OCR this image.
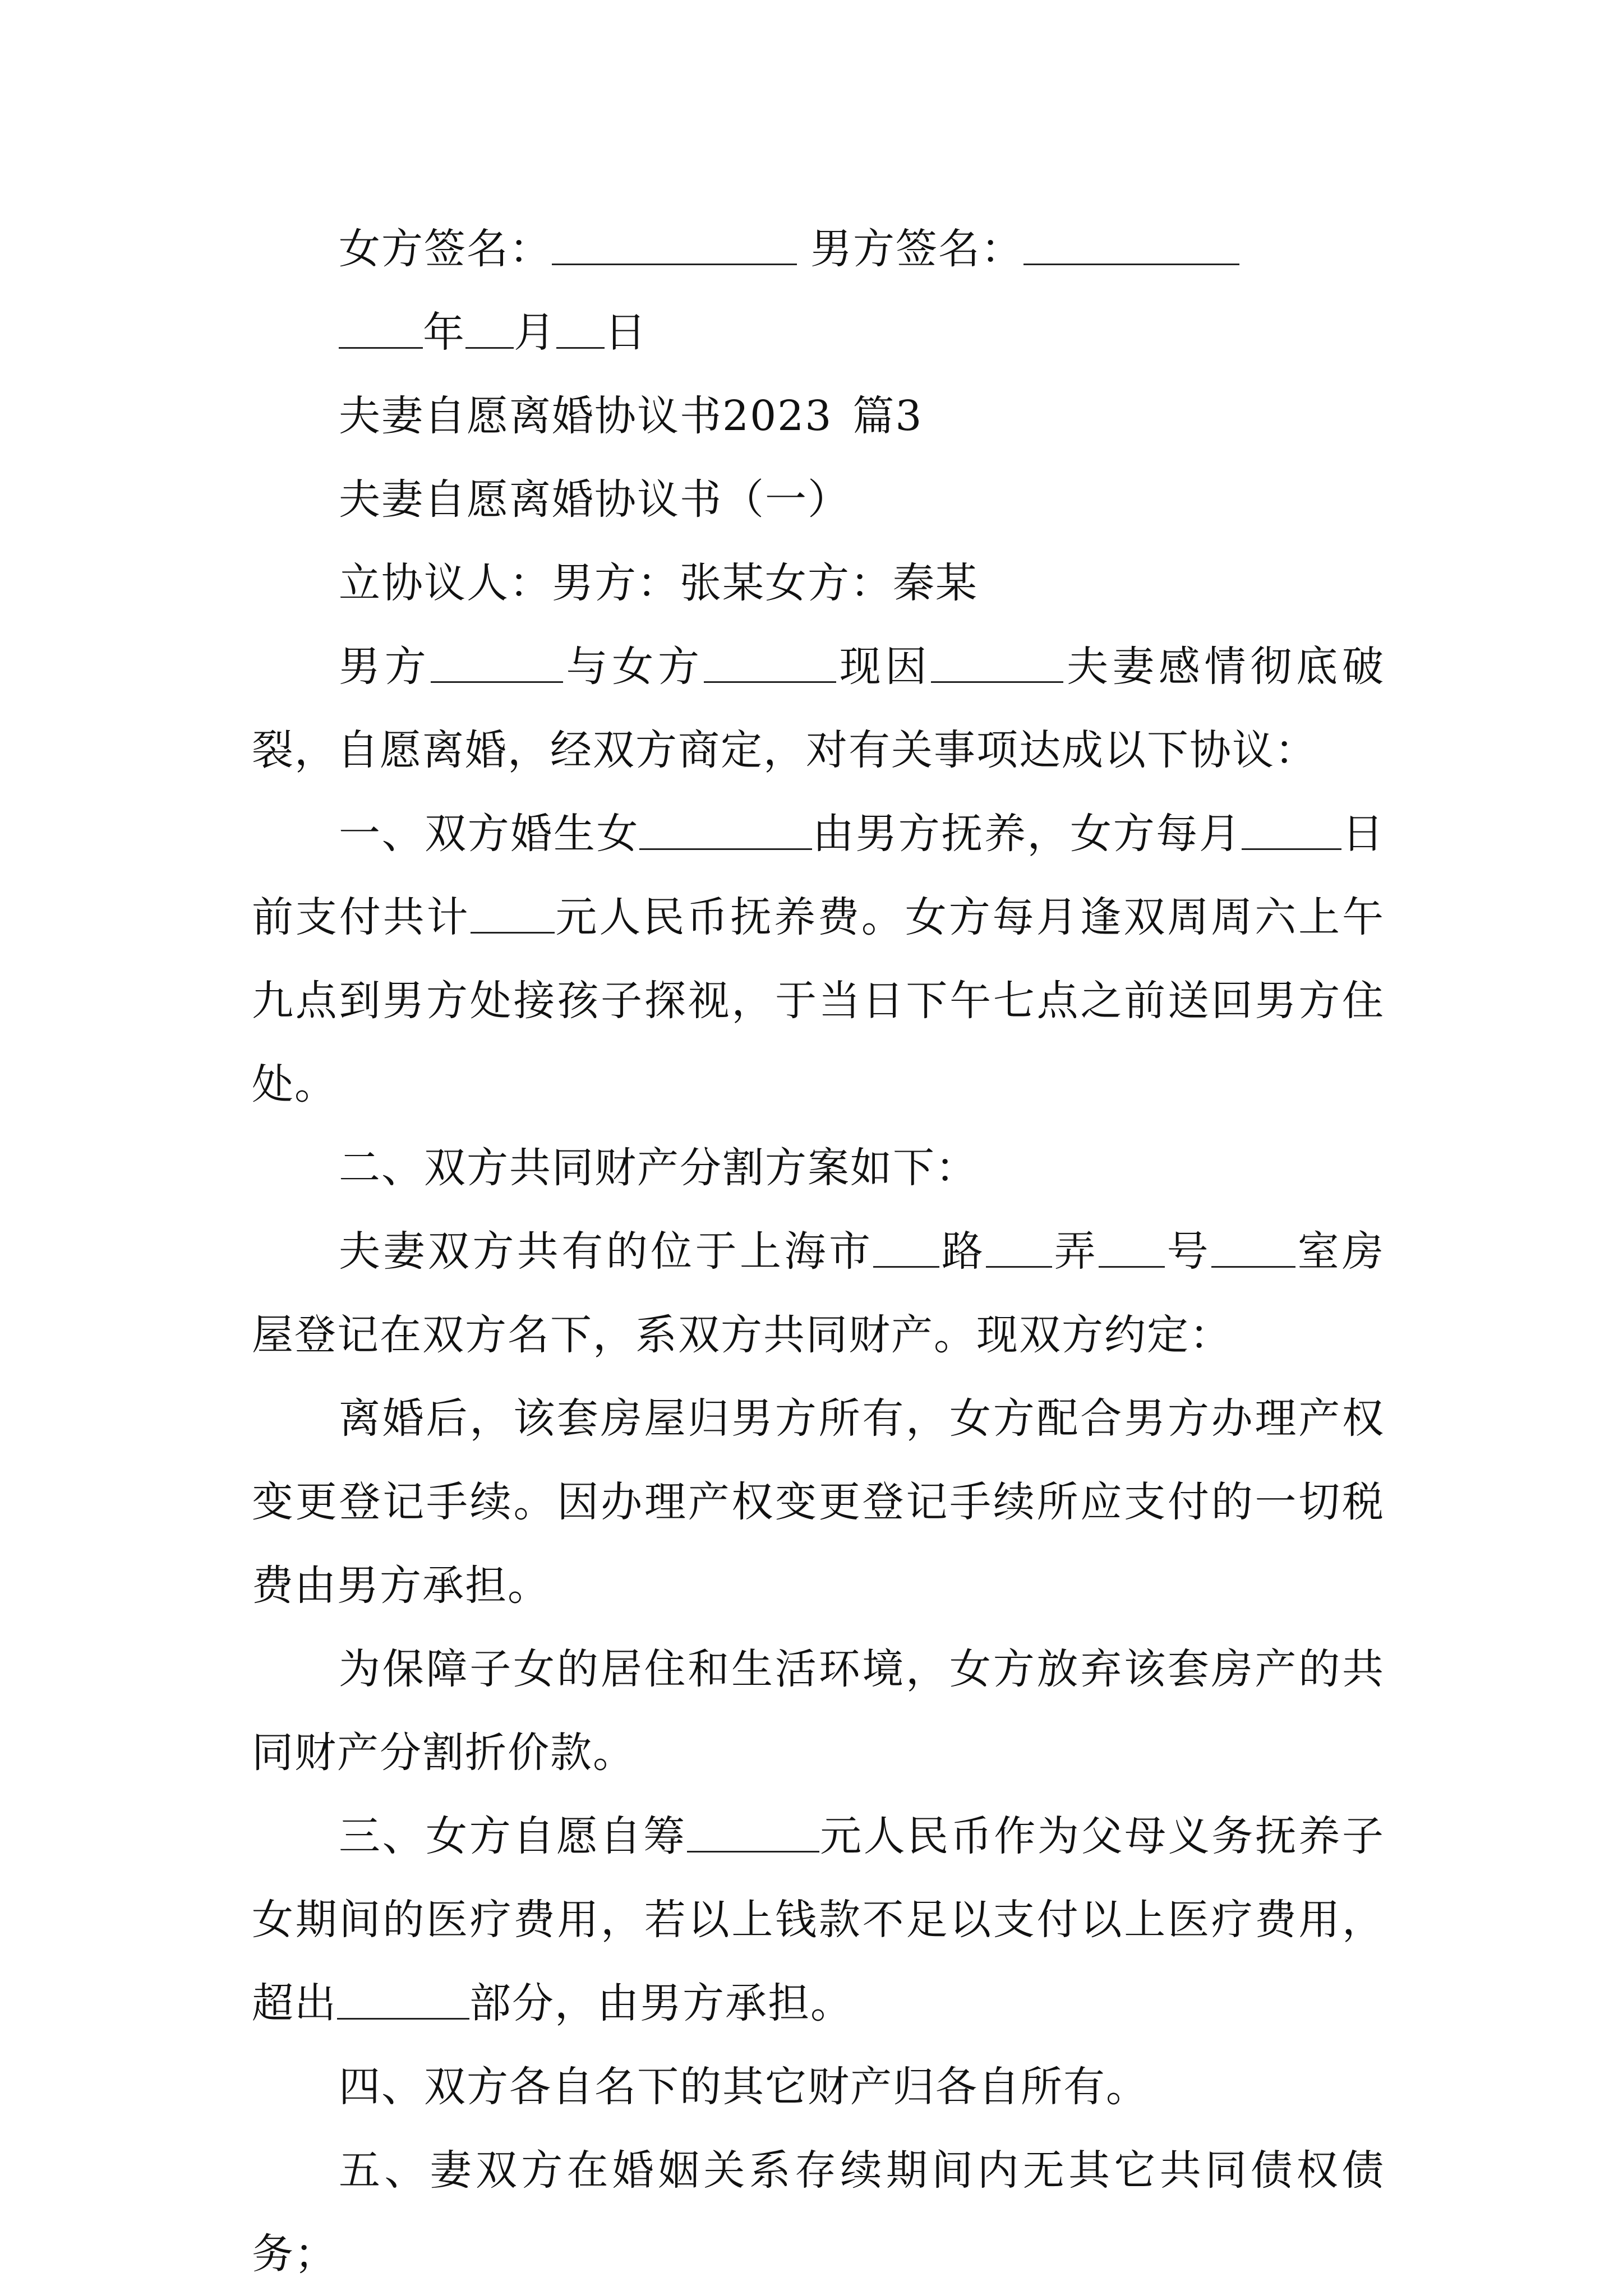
女方签名：	男方签名：

年 月 日

夫妻自愿离婚协议书2023 篇3

夫妻自愿离婚协议书（一）

立协议人：男方：张某女方：秦某

男方	与女方	现因	夫妻感情彻底破裂，自愿离婚，经双方商定，对有关事项达成以下协议：

一、双方婚生女	由男方抚养，女方每月 日前支付共计 元人民币抚养费。女方每月逢双周周六上午九点到男方处接孩子探视，于当日下午七点之前送回男方住处。

二、双方共同财产分割方案如下：

夫妻双方共有的位于上海市 路 弄 号 室房屋登记在双方名下，系双方共同财产。现双方约定：

离婚后，该套房屋归男方所有，女方配合男方办理产权变更登记手续。因办理产权变更登记手续所应支付的一切税费由男方承担。

为保障子女的居住和生活环境，女方放弃该套房产的共同财产分割折价款。

三、女方自愿自筹	元人民币作为父母义务抚养子女期间的医疗费用，若以上钱款不足以支付以上医疗费用，超出	部分，由男方承担。

四、双方各自名下的其它财产归各自所有。

五、妻双方在婚姻关系存续期间内无其它共同债权债务；
